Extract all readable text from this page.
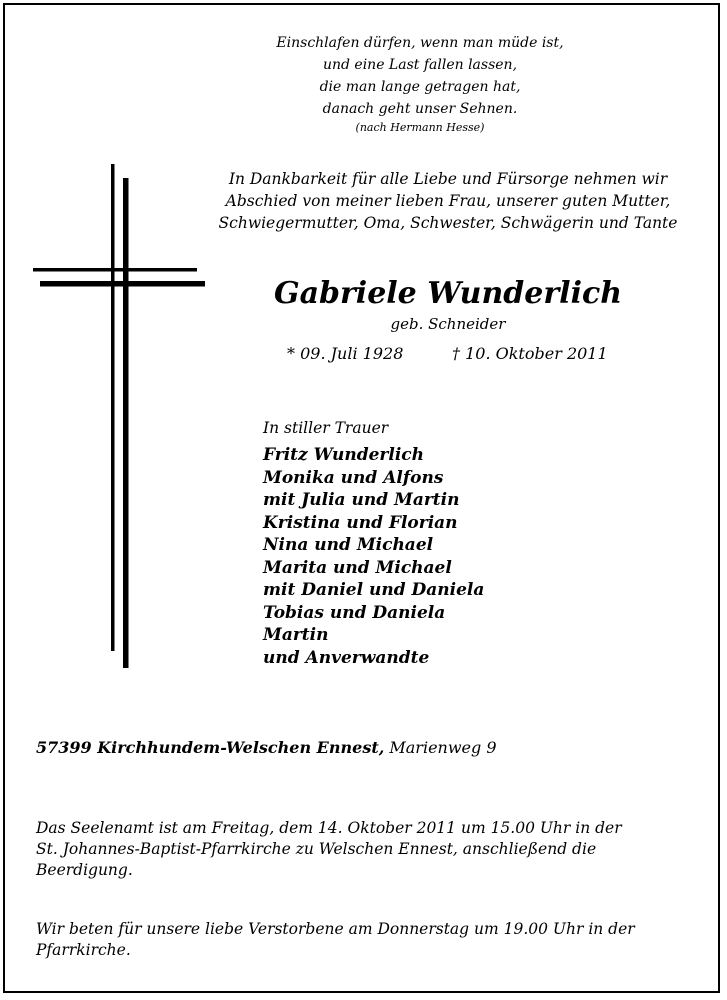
Einschlafen dürfen, wenn man müde ist,
und eine Last fallen lassen,
die man lange getragen hat,
danach geht unser Sehnen.
(nach Hermann Hesse)
In Dankbarkeit für alle Liebe und Fürsorge nehmen wir
Abschied von meiner lieben Frau, unserer guten Mutter,
Schwiegermutter, Oma, Schwester, Schwägerin und Tante
Gabriele Wunderlich
geb. Schneider
* 09. Juli 1928	† 10. Oktober 2011
In stiller Trauer
Fritz Wunderlich
Monika und Alfons
mit Julia und Martin
Kristina und Florian
Nina und Michael
Marita und Michael
mit Daniel und Daniela
Tobias und Daniela
Martin
und Anverwandte
57399 Kirchhundem-Welschen Ennest, Marienweg 9
Das Seelenamt ist am Freitag, dem 14. Oktober 2011 um 15.00 Uhr in der
St. Johannes-Baptist-Pfarrkirche zu Welschen Ennest, anschließend die
Beerdigung.
Wir beten für unsere liebe Verstorbene am Donnerstag um 19.00 Uhr in der
Pfarrkirche.
